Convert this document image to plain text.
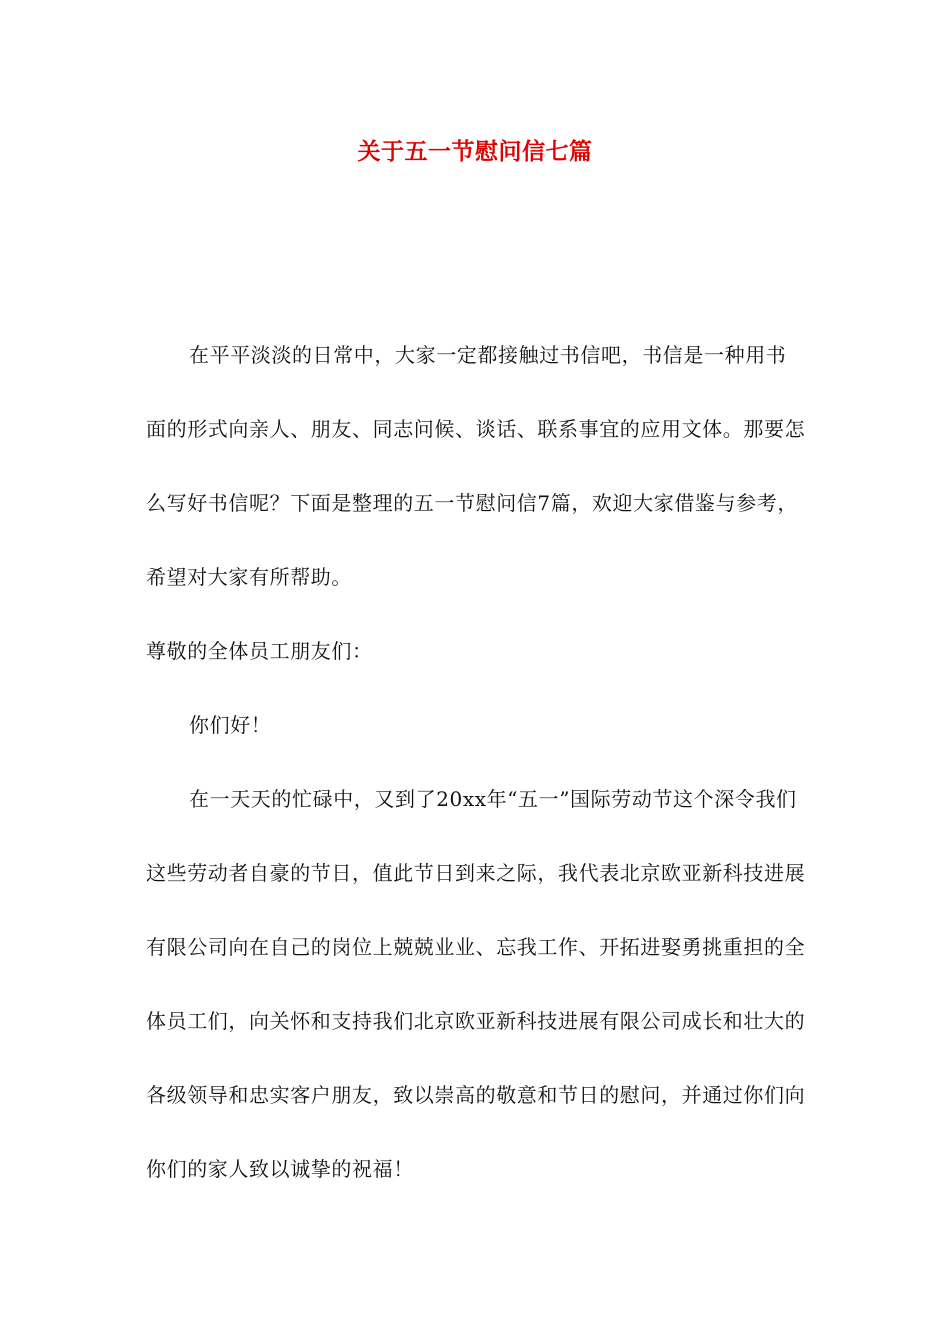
关于五一节慰问信七篇

在平平淡淡的日常中，大家一定都接触过书信吧，书信是一种用书面的形式向亲人、朋友、同志问候、谈话、联系事宜的应用文体。那要怎么写好书信呢？下面是整理的五一节慰问信7篇，欢迎大家借鉴与参考，希望对大家有所帮助。

尊敬的全体员工朋友们：

你们好！

在一天天的忙碌中，又到了20xx年“五一”国际劳动节这个深令我们这些劳动者自豪的节日，值此节日到来之际，我代表北京欧亚新科技进展有限公司向在自己的岗位上兢兢业业、忘我工作、开拓进娶勇挑重担的全体员工们，向关怀和支持我们北京欧亚新科技进展有限公司成长和壮大的各级领导和忠实客户朋友，致以崇高的敬意和节日的慰问，并通过你们向你们的家人致以诚挚的祝福！
